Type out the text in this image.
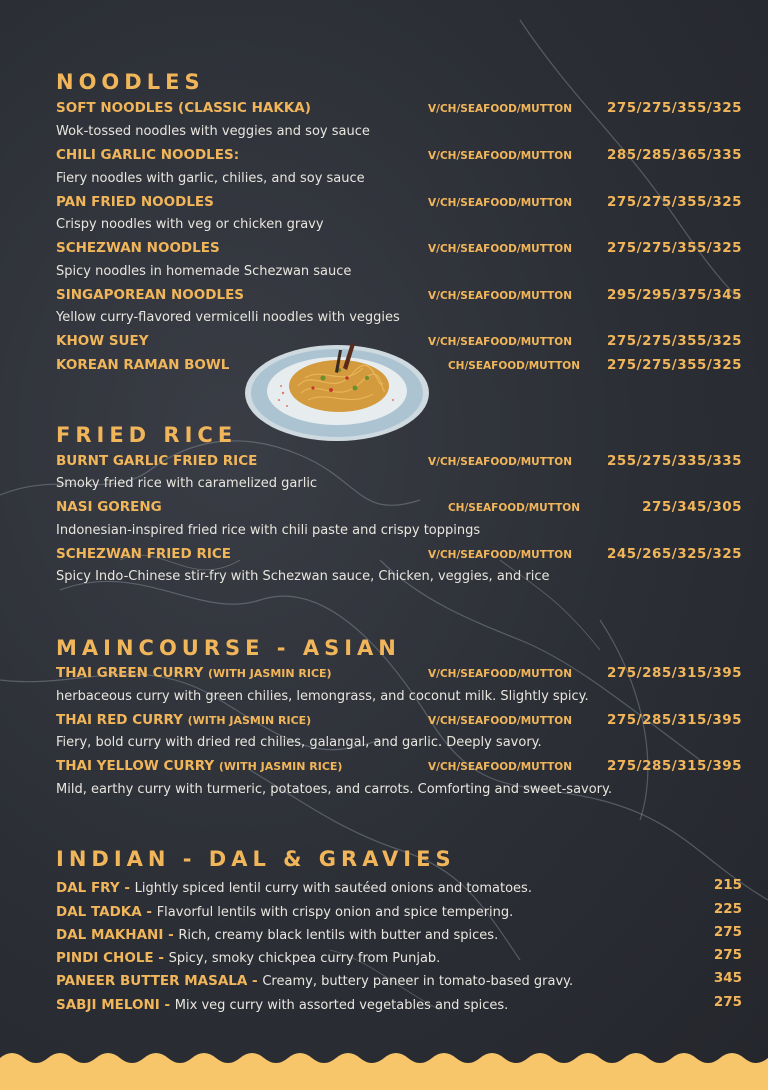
NOODLES
SOFT NOODLES (CLASSIC HAKKA)	V/CH/SEAFOOD/MUTTON	275/275/355/325
Wok-tossed noodles with veggies and soy sauce
CHILI GARLIC NOODLES:	V/CH/SEAFOOD/MUTTON	285/285/365/335
Fiery noodles with garlic, chilies, and soy sauce
PAN FRIED NOODLES	V/CH/SEAFOOD/MUTTON	275/275/355/325
Crispy noodles with veg or chicken gravy
SCHEZWAN NOODLES	V/CH/SEAFOOD/MUTTON	275/275/355/325
Spicy noodles in homemade Schezwan sauce
SINGAPOREAN NOODLES	V/CH/SEAFOOD/MUTTON	295/295/375/345
Yellow curry-flavored vermicelli noodles with veggies
KHOW SUEY	V/CH/SEAFOOD/MUTTON	275/275/355/325
KOREAN RAMAN BOWL	CH/SEAFOOD/MUTTON 275/275/355/325
FRIED RICE
BURNT GARLIC FRIED RICE	V/CH/SEAFOOD/MUTTON	255/275/335/335
Smoky fried rice with caramelized garlic
NASI GORENG	CH/SEAFOOD/MUTTON	275/345/305
Indonesian-inspired fried rice with chili paste and crispy toppings
SCHEZWAN FRIED RICE	V/CH/SEAFOOD/MUTTON	245/265/325/325
Spicy Indo-Chinese stir-fry with Schezwan sauce, Chicken, veggies, and rice
MAINCOURSE - ASIAN
THAI GREEN CURRY (WITH JASMIN RICE)	V/CH/SEAFOOD/MUTTON	275/285/315/395
herbaceous curry with green chilies, lemongrass, and coconut milk. Slightly spicy.
THAI RED CURRY (WITH JASMIN RICE)	V/CH/SEAFOOD/MUTTON	275/285/315/395
Fiery, bold curry with dried red chilies, galangal, and garlic. Deeply savory.
THAI YELLOW CURRY (WITH JASMIN RICE)	V/CH/SEAFOOD/MUTTON	275/285/315/395
Mild, earthy curry with turmeric, potatoes, and carrots. Comforting and sweet-savory.
INDIAN - DAL & GRAVIES
DAL FRY - Lightly spiced lentil curry with sautéed onions and tomatoes.	215
DAL TADKA - Flavorful lentils with crispy onion and spice tempering.	225
DAL MAKHANI - Rich, creamy black lentils with butter and spices.	275
PINDI CHOLE - Spicy, smoky chickpea curry from Punjab.	275
PANEER BUTTER MASALA - Creamy, buttery paneer in tomato-based gravy.	345
SABJI MELONI - Mix veg curry with assorted vegetables and spices.	275
